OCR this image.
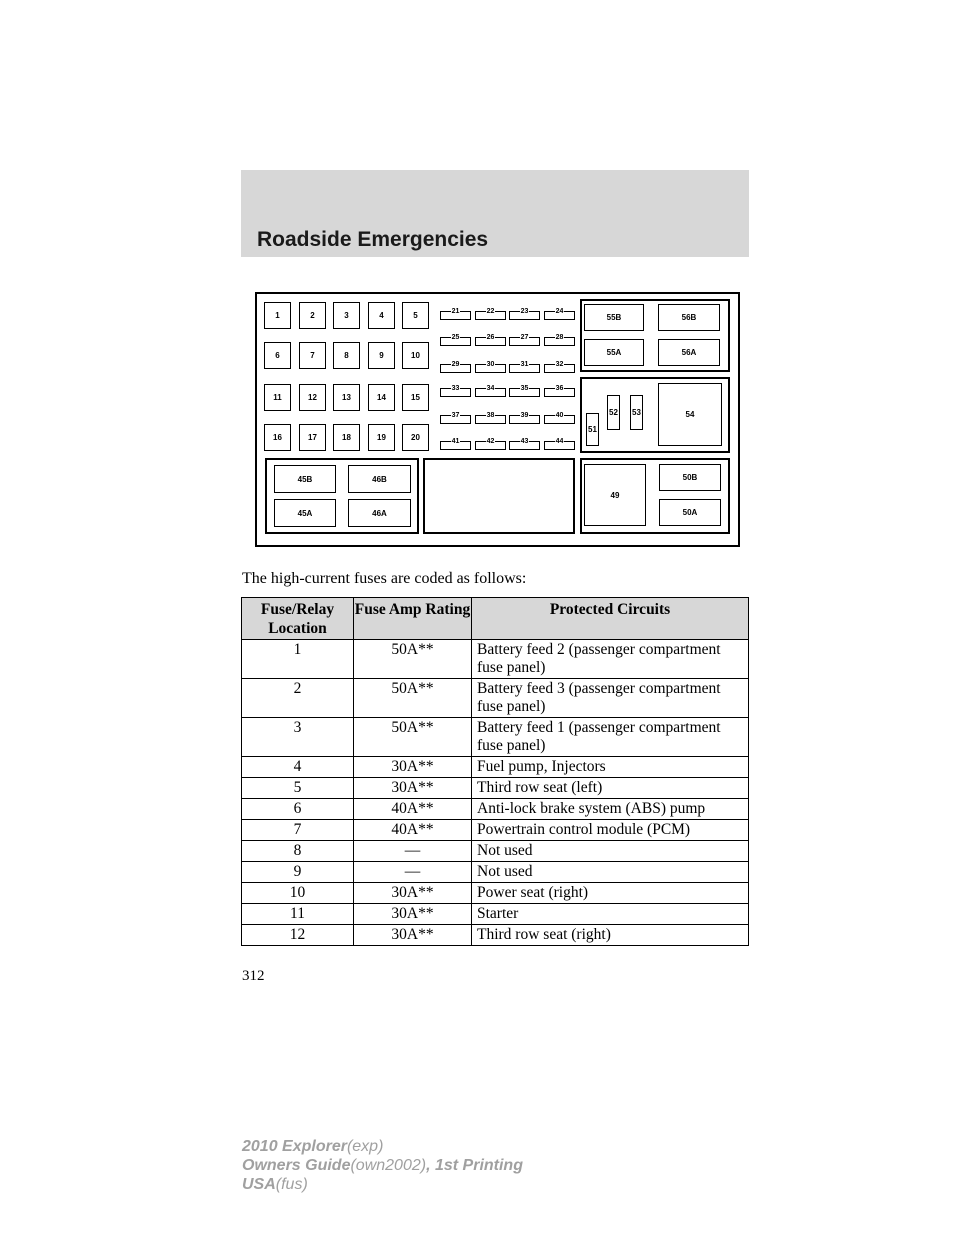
Roadside Emergencies
55B	56B
55A	56A
51
52 53	54
45B	46B
45A	46A
49
50B
50A
1	2	3	4	5
6	7	8	9	10
11	12	13	14	15
16	17	18	19	20
21	22	23	24
25	26	27	28
29	30	31	32
33	34	35	36
37	38	39	40
41	42	43	44
The high-current fuses are coded as follows:
Fuse/Relay Location	Fuse Amp Rating	Protected Circuits
1	50A**	Battery feed 2 (passenger compartment fuse panel)
2	50A**	Battery feed 3 (passenger compartment fuse panel)
3	50A**	Battery feed 1 (passenger compartment fuse panel)
4	30A**	Fuel pump, Injectors
5	30A**	Third row seat (left)
6	40A**	Anti-lock brake system (ABS) pump
7	40A**	Powertrain control module (PCM)
8	—	Not used
9	—	Not used
10	30A**	Power seat (right)
11	30A**	Starter
12	30A**	Third row seat (right)
312
2010 Explorer(exp)
Owners Guide(own2002), 1st Printing
USA(fus)
